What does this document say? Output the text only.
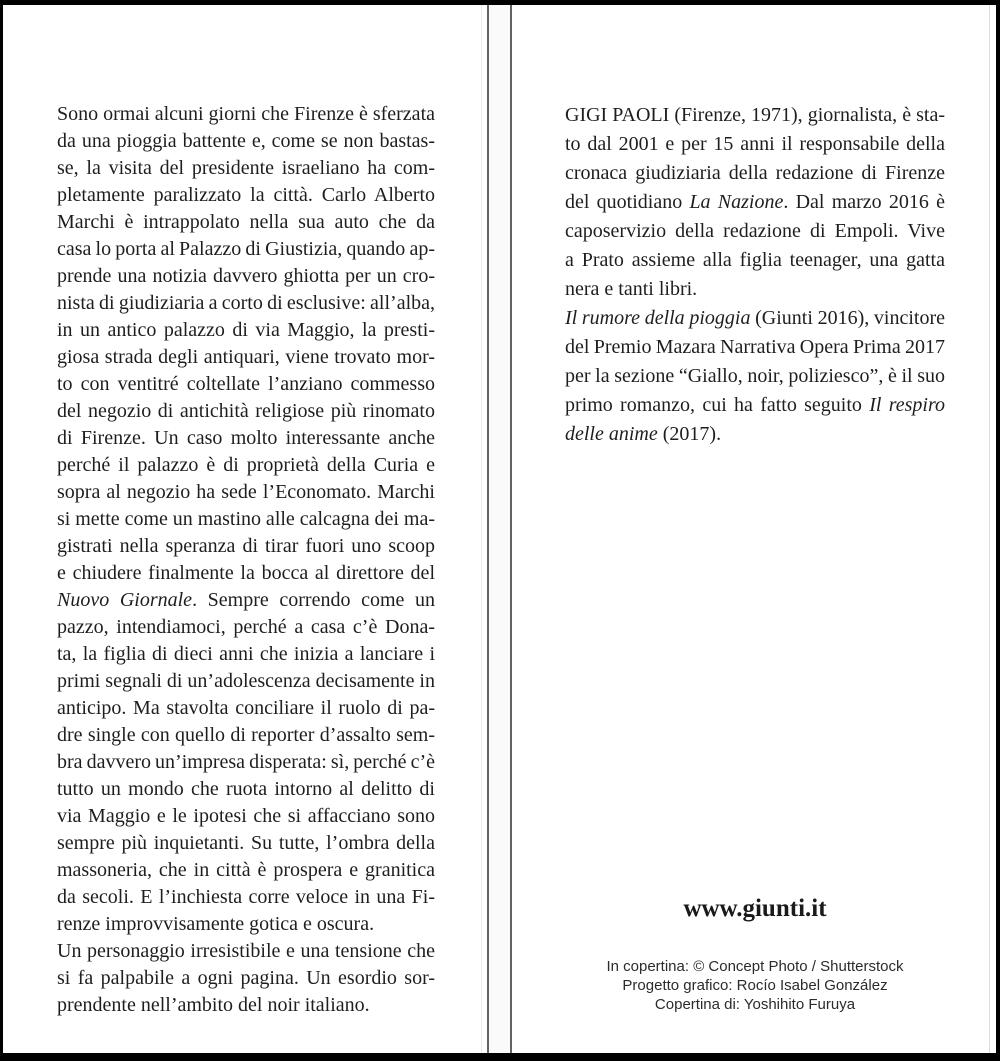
Sono ormai alcuni giorni che Firenze è sferzata
da una pioggia battente e, come se non bastas-
se, la visita del presidente israeliano ha com-
pletamente paralizzato la città. Carlo Alberto
Marchi è intrappolato nella sua auto che da
casa lo porta al Palazzo di Giustizia, quando ap-
prende una notizia davvero ghiotta per un cro-
nista di giudiziaria a corto di esclusive: all’alba,
in un antico palazzo di via Maggio, la presti-
giosa strada degli antiquari, viene trovato mor-
to con ventitré coltellate l’anziano commesso
del negozio di antichità religiose più rinomato
di Firenze. Un caso molto interessante anche
perché il palazzo è di proprietà della Curia e
sopra al negozio ha sede l’Economato. Marchi
si mette come un mastino alle calcagna dei ma-
gistrati nella speranza di tirar fuori uno scoop
e chiudere finalmente la bocca al direttore del
Nuovo Giornale. Sempre correndo come un
pazzo, intendiamoci, perché a casa c’è Dona-
ta, la figlia di dieci anni che inizia a lanciare i
primi segnali di un’adolescenza decisamente in
anticipo. Ma stavolta conciliare il ruolo di pa-
dre single con quello di reporter d’assalto sem-
bra davvero un’impresa disperata: sì, perché c’è
tutto un mondo che ruota intorno al delitto di
via Maggio e le ipotesi che si affacciano sono
sempre più inquietanti. Su tutte, l’ombra della
massoneria, che in città è prospera e granitica
da secoli. E l’inchiesta corre veloce in una Fi-
renze improvvisamente gotica e oscura.
Un personaggio irresistibile e una tensione che
si fa palpabile a ogni pagina. Un esordio sor-
prendente nell’ambito del noir italiano.
GIGI PAOLI (Firenze, 1971), giornalista, è sta-
to dal 2001 e per 15 anni il responsabile della
cronaca giudiziaria della redazione di Firenze
del quotidiano La Nazione. Dal marzo 2016 è
caposervizio della redazione di Empoli. Vive
a Prato assieme alla figlia teenager, una gatta
nera e tanti libri.
Il rumore della pioggia (Giunti 2016), vincitore
del Premio Mazara Narrativa Opera Prima 2017
per la sezione “Giallo, noir, poliziesco”, è il suo
primo romanzo, cui ha fatto seguito Il respiro
delle anime (2017).
www.giunti.it
In copertina: © Concept Photo / Shutterstock
Progetto grafico: Rocío Isabel González
Copertina di: Yoshihito Furuya
